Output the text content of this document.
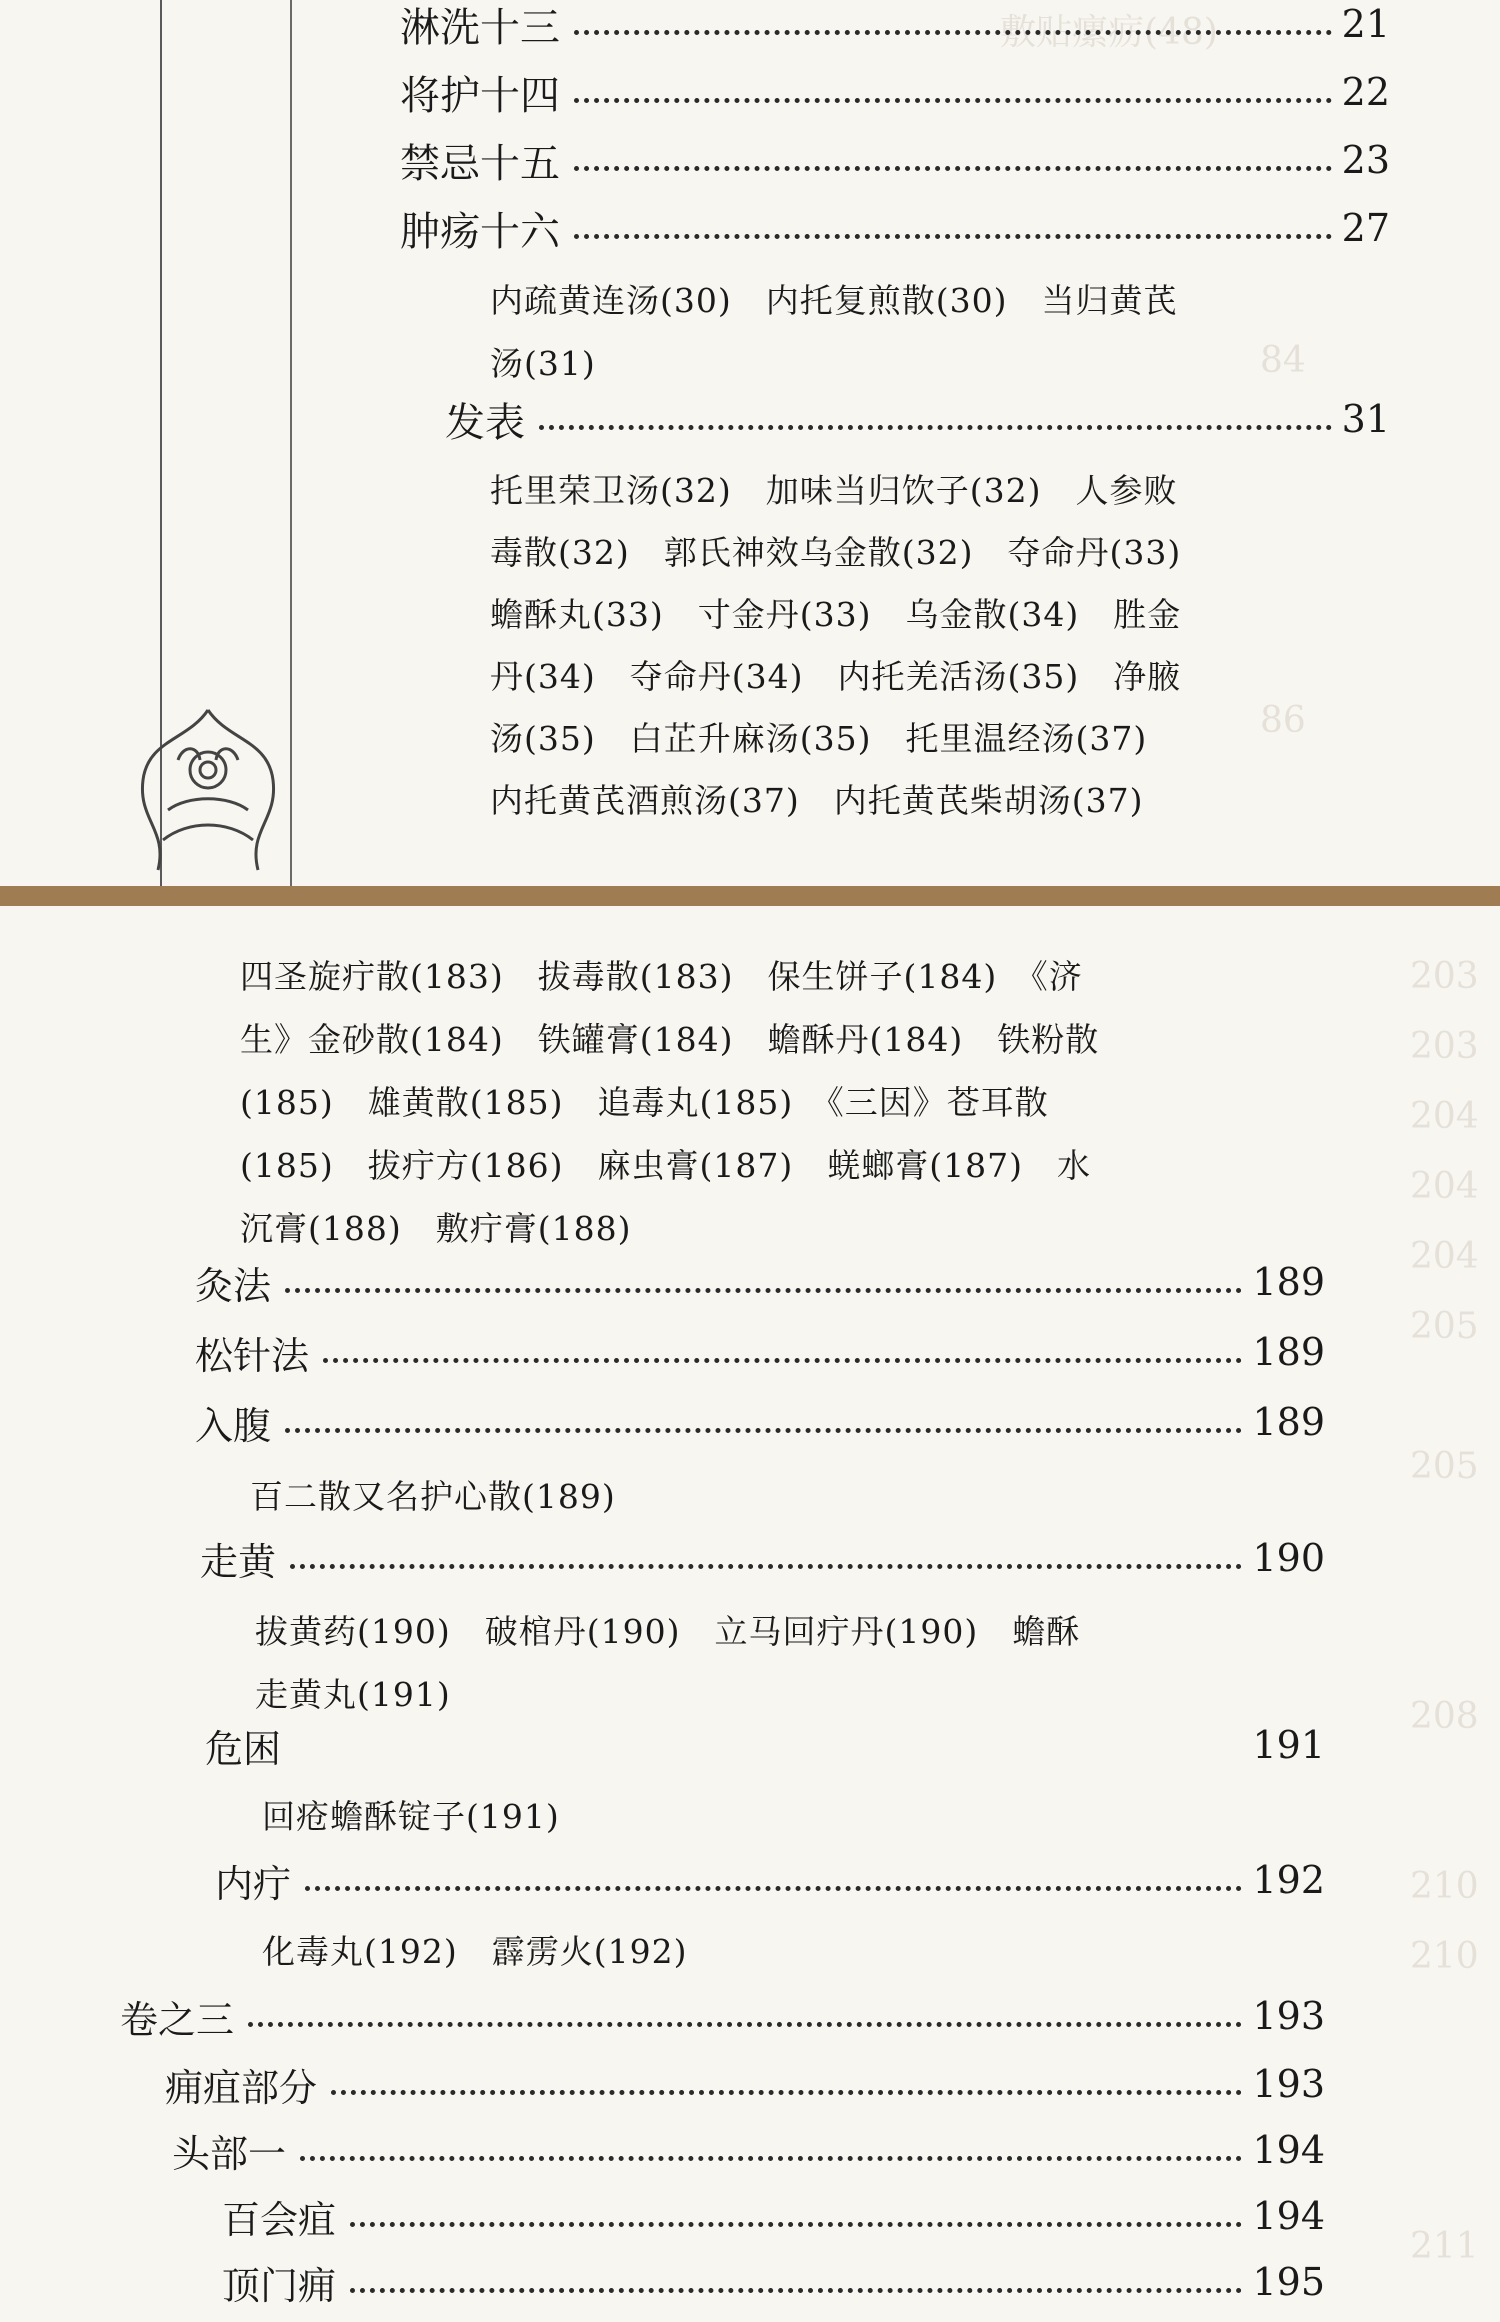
敷贴瘰疬(48)
84
86
淋洗十三	21
将护十四	22
禁忌十五	23
肿疡十六	27
内疏黄连汤(30)　内托复煎散(30)　当归黄芪
汤(31)
发表	31
托里荣卫汤(32)　加味当归饮子(32)　人参败
毒散(32)　郭氏神效乌金散(32)　夺命丹(33)
蟾酥丸(33)　寸金丹(33)　乌金散(34)　胜金
丹(34)　夺命丹(34)　内托羌活汤(35)　净腋
汤(35)　白芷升麻汤(35)　托里温经汤(37)
内托黄芪酒煎汤(37)　内托黄芪柴胡汤(37)
203
203
204
204
204
205
205
208
210
210
211
四圣旋疔散(183)　拔毒散(183)　保生饼子(184)　《济
生》金砂散(184)　铁罐膏(184)　蟾酥丹(184)　铁粉散
(185)　雄黄散(185)　追毒丸(185)　《三因》苍耳散
(185)　拔疔方(186)　麻虫膏(187)　蜣螂膏(187)　水
沉膏(188)　敷疔膏(188)
灸法	189
松针法	189
入腹	189
百二散又名护心散(189)
走黄	190
拔黄药(190)　破棺丹(190)　立马回疔丹(190)　蟾酥
走黄丸(191)
危困	191
回疮蟾酥锭子(191)
内疔	192
化毒丸(192)　霹雳火(192)
卷之三	193
痈疽部分	193
头部一	194
百会疽	194
顶门痈	195
